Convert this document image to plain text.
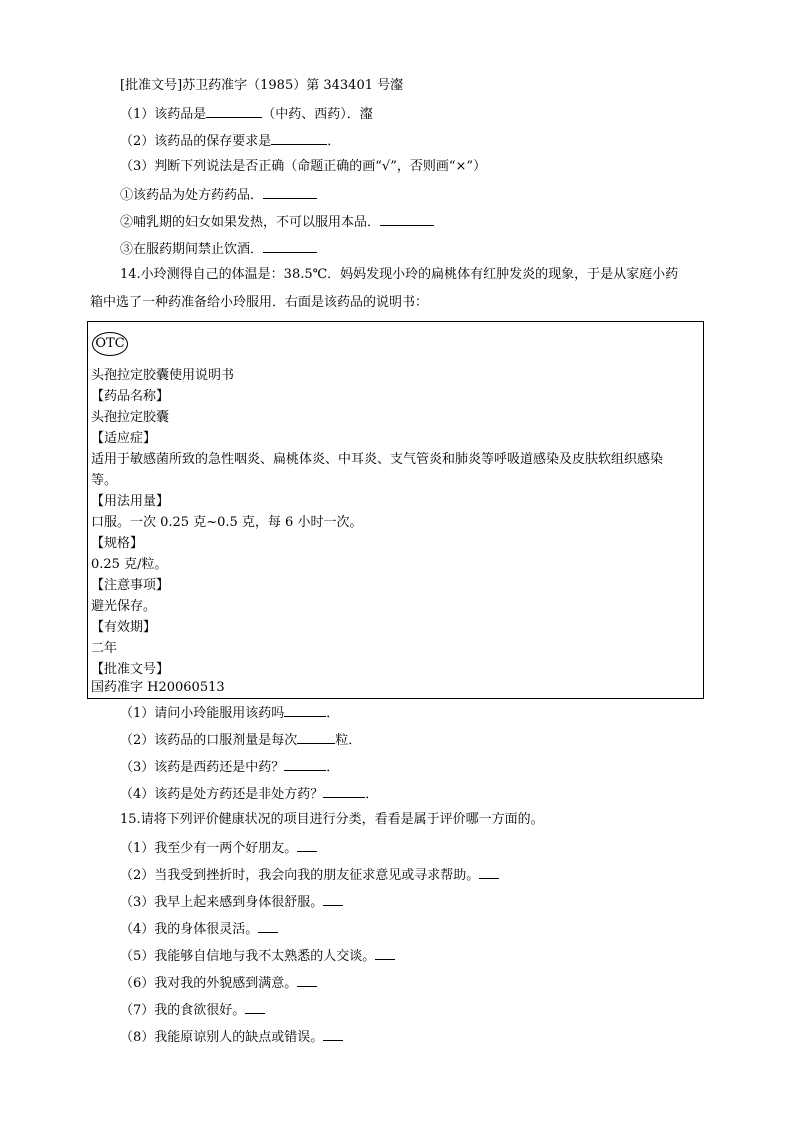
[批准文号]苏卫药准字（1985）第 343401 号瀣
（1）该药品是	（中药、西药）．瀣
（2）该药品的保存要求是	．
（3）判断下列说法是否正确（命题正确的画“√”，否则画“×”）
①该药品为处方药药品．
②哺乳期的妇女如果发热，不可以服用本品．
③在服药期间禁止饮酒．
14.小玲测得自己的体温是：38.5℃．妈妈发现小玲的扁桃体有红肿发炎的现象，于是从家庭小药
箱中选了一种药准备给小玲服用．右面是该药品的说明书：
OTC
头孢拉定胶囊使用说明书
【药品名称】
头孢拉定胶囊
【适应症】
适用于敏感菌所致的急性咽炎、扁桃体炎、中耳炎、支气管炎和肺炎等呼吸道感染及皮肤软组织感染
等。
【用法用量】
口服。一次 0.25 克~0.5 克，每 6 小时一次。
【规格】
0.25 克/粒。
【注意事项】
避光保存。
【有效期】
二年
【批准文号】
国药准字 H20060513
（1）请问小玲能服用该药吗	．
（2）该药品的口服剂量是每次	粒．
（3）该药是西药还是中药？	．
（4）该药是处方药还是非处方药？	．
15.请将下列评价健康状况的项目进行分类，看看是属于评价哪一方面的。
（1）我至少有一两个好朋友。
（2）当我受到挫折时，我会向我的朋友征求意见或寻求帮助。
（3）我早上起来感到身体很舒服。
（4）我的身体很灵活。
（5）我能够自信地与我不太熟悉的人交谈。
（6）我对我的外貌感到满意。
（7）我的食欲很好。
（8）我能原谅别人的缺点或错误。
